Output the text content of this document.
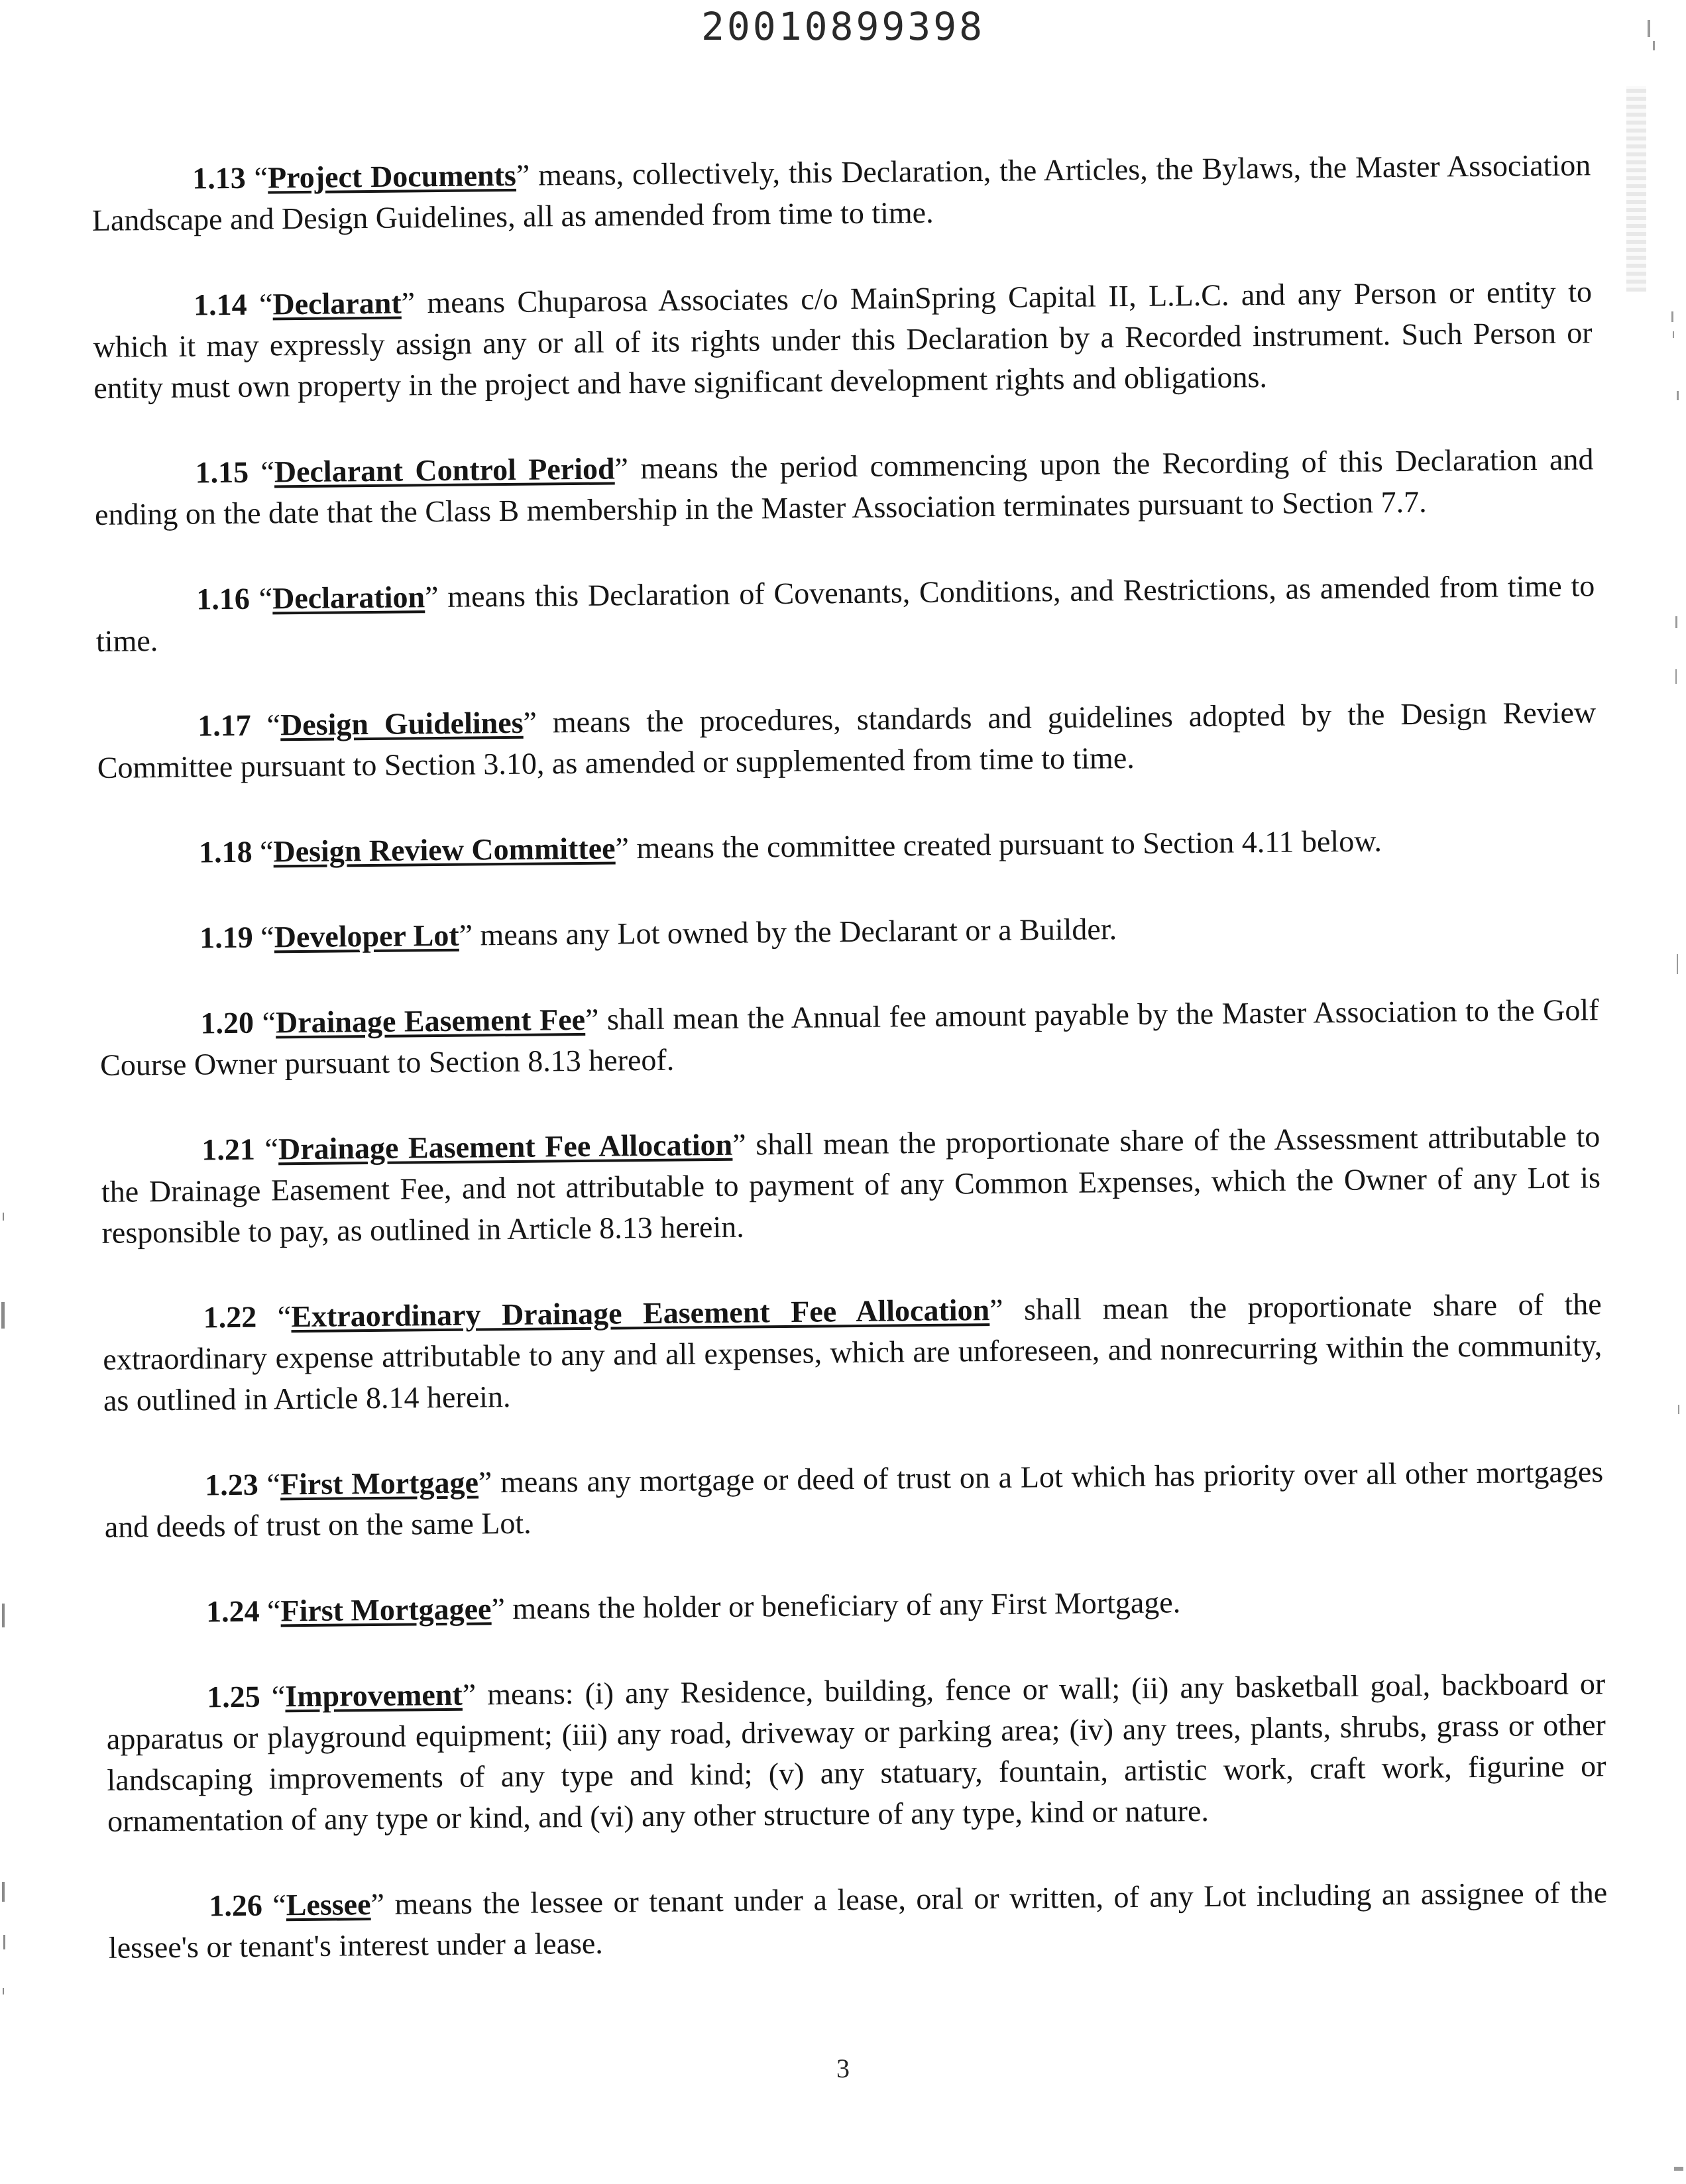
20010899398

1.13 “Project Documents” means, collectively, this Declaration, the Articles, the Bylaws, the Master Association Landscape and Design Guidelines, all as amended from time to time.

1.14 “Declarant” means Chuparosa Associates c/o MainSpring Capital II, L.L.C. and any Person or entity to which it may expressly assign any or all of its rights under this Declaration by a Recorded instrument. Such Person or entity must own property in the project and have significant development rights and obligations.

1.15 “Declarant Control Period” means the period commencing upon the Recording of this Declaration and ending on the date that the Class B membership in the Master Association terminates pursuant to Section 7.7.

1.16 “Declaration” means this Declaration of Covenants, Conditions, and Restrictions, as amended from time to time.

1.17 “Design Guidelines” means the procedures, standards and guidelines adopted by the Design Review Committee pursuant to Section 3.10, as amended or supplemented from time to time.

1.18 “Design Review Committee” means the committee created pursuant to Section 4.11 below.

1.19 “Developer Lot” means any Lot owned by the Declarant or a Builder.

1.20 “Drainage Easement Fee” shall mean the Annual fee amount payable by the Master Association to the Golf Course Owner pursuant to Section 8.13 hereof.

1.21 “Drainage Easement Fee Allocation” shall mean the proportionate share of the Assessment attributable to the Drainage Easement Fee, and not attributable to payment of any Common Expenses, which the Owner of any Lot is responsible to pay, as outlined in Article 8.13 herein.

1.22 “Extraordinary Drainage Easement Fee Allocation” shall mean the proportionate share of the extraordinary expense attributable to any and all expenses, which are unforeseen, and nonrecurring within the community, as outlined in Article 8.14 herein.

1.23 “First Mortgage” means any mortgage or deed of trust on a Lot which has priority over all other mortgages and deeds of trust on the same Lot.

1.24 “First Mortgagee” means the holder or beneficiary of any First Mortgage.

1.25 “Improvement” means: (i) any Residence, building, fence or wall; (ii) any basketball goal, backboard or apparatus or playground equipment; (iii) any road, driveway or parking area; (iv) any trees, plants, shrubs, grass or other landscaping improvements of any type and kind; (v) any statuary, fountain, artistic work, craft work, figurine or ornamentation of any type or kind, and (vi) any other structure of any type, kind or nature.

1.26 “Lessee” means the lessee or tenant under a lease, oral or written, of any Lot including an assignee of the lessee's or tenant's interest under a lease.

3
